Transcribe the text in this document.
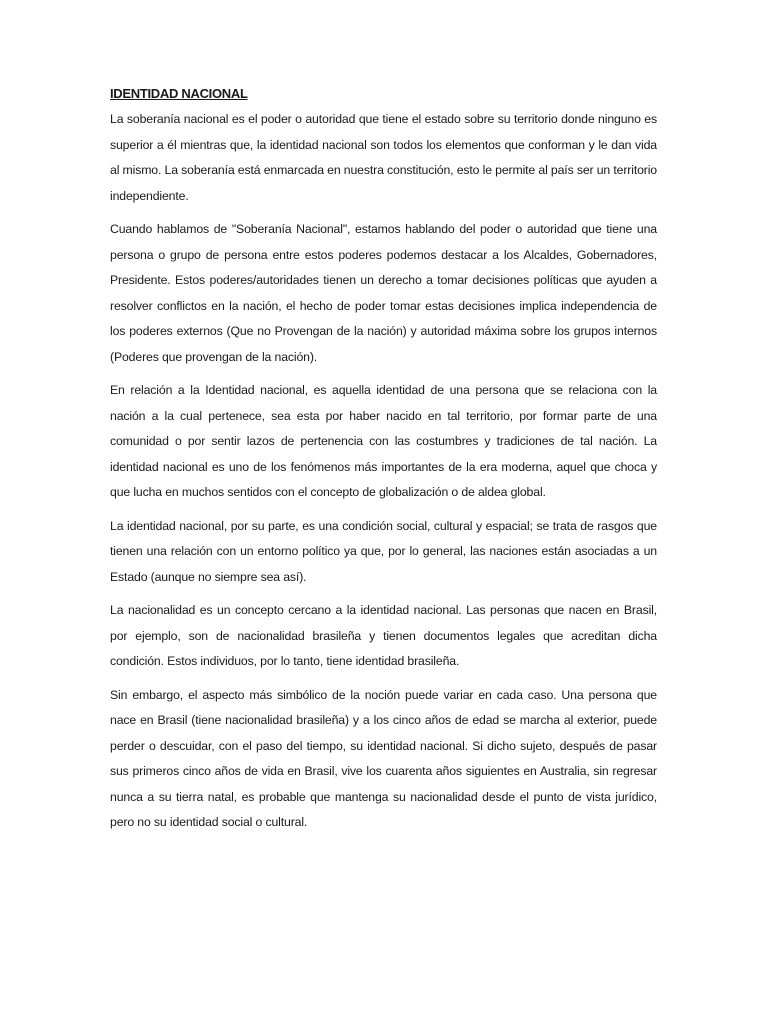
IDENTIDAD NACIONAL

La soberanía nacional es el poder o autoridad que tiene el estado sobre su territorio donde ninguno es superior a él mientras que, la identidad nacional son todos los elementos que conforman y le dan vida al mismo. La soberanía está enmarcada en nuestra constitución, esto le permite al país ser un territorio independiente.

Cuando hablamos de "Soberanía Nacional", estamos hablando del poder o autoridad que tiene una persona o grupo de persona entre estos poderes podemos destacar a los Alcaldes, Gobernadores, Presidente. Estos poderes/autoridades tienen un derecho a tomar decisiones políticas que ayuden a resolver conflictos en la nación, el hecho de poder tomar estas decisiones implica independencia de los poderes externos (Que no Provengan de la nación) y autoridad máxima sobre los grupos internos (Poderes que provengan de la nación).

En relación a la Identidad nacional, es aquella identidad de una persona que se relaciona con la nación a la cual pertenece, sea esta por haber nacido en tal territorio, por formar parte de una comunidad o por sentir lazos de pertenencia con las costumbres y tradiciones de tal nación. La identidad nacional es uno de los fenómenos más importantes de la era moderna, aquel que choca y que lucha en muchos sentidos con el concepto de globalización o de aldea global.

La identidad nacional, por su parte, es una condición social, cultural y espacial; se trata de rasgos que tienen una relación con un entorno político ya que, por lo general, las naciones están asociadas a un Estado (aunque no siempre sea así).

La nacionalidad es un concepto cercano a la identidad nacional. Las personas que nacen en Brasil, por ejemplo, son de nacionalidad brasileña y tienen documentos legales que acreditan dicha condición. Estos individuos, por lo tanto, tiene identidad brasileña.

Sin embargo, el aspecto más simbólico de la noción puede variar en cada caso. Una persona que nace en Brasil (tiene nacionalidad brasileña) y a los cinco años de edad se marcha al exterior, puede perder o descuidar, con el paso del tiempo, su identidad nacional. Si dicho sujeto, después de pasar sus primeros cinco años de vida en Brasil, vive los cuarenta años siguientes en Australia, sin regresar nunca a su tierra natal, es probable que mantenga su nacionalidad desde el punto de vista jurídico, pero no su identidad social o cultural.
